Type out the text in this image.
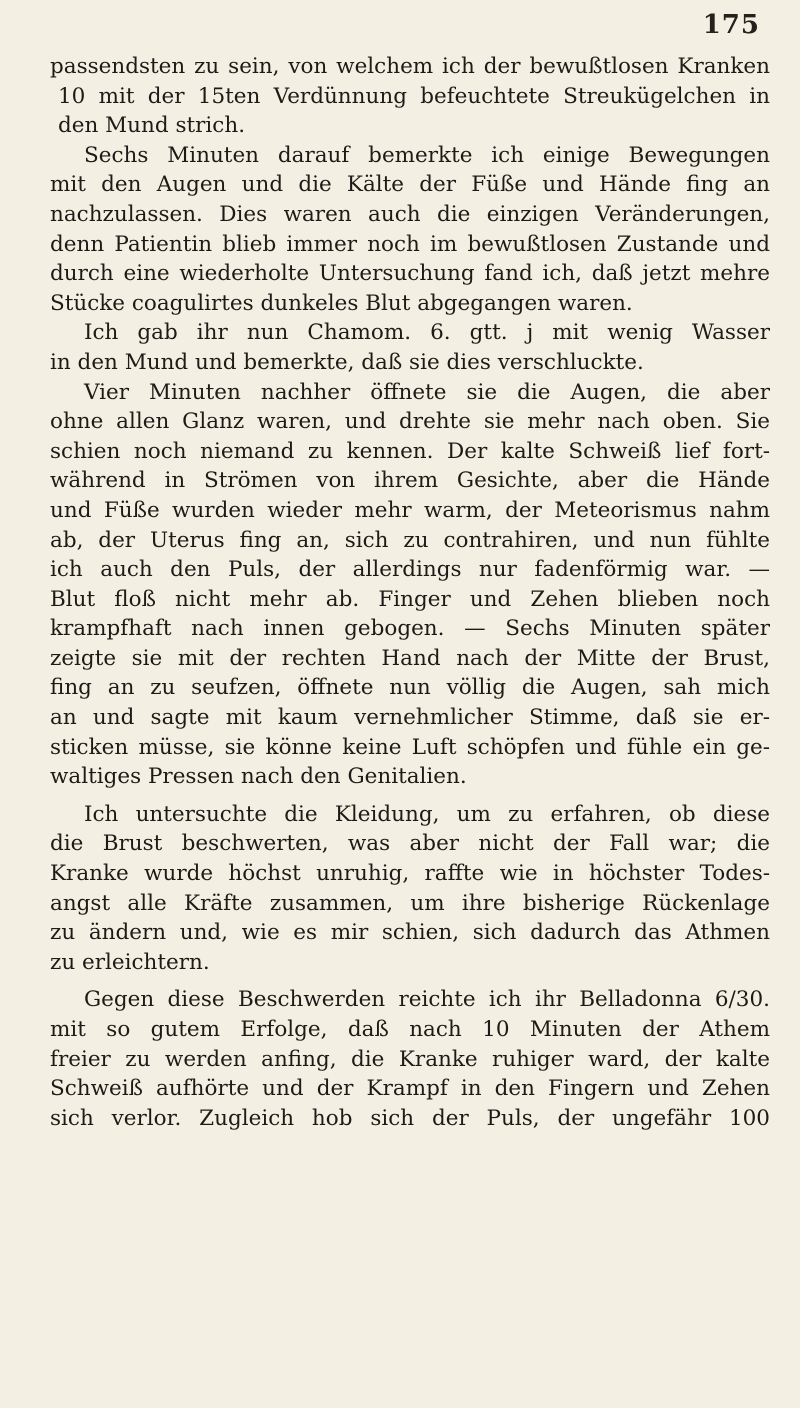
175
passendsten zu sein, von welchem ich der bewußtlosen Kranken
10 mit der 15ten Verdünnung befeuchtete Streukügelchen in
den Mund strich.
Sechs Minuten darauf bemerkte ich einige Bewegungen
mit den Augen und die Kälte der Füße und Hände fing an
nachzulassen. Dies waren auch die einzigen Veränderungen,
denn Patientin blieb immer noch im bewußtlosen Zustande und
durch eine wiederholte Untersuchung fand ich, daß jetzt mehre
Stücke coagulirtes dunkeles Blut abgegangen waren.
Ich gab ihr nun Chamom. 6. gtt. j mit wenig Wasser
in den Mund und bemerkte, daß sie dies verschluckte.
Vier Minuten nachher öffnete sie die Augen, die aber
ohne allen Glanz waren, und drehte sie mehr nach oben. Sie
schien noch niemand zu kennen. Der kalte Schweiß lief fort-
während in Strömen von ihrem Gesichte, aber die Hände
und Füße wurden wieder mehr warm, der Meteorismus nahm
ab, der Uterus fing an, sich zu contrahiren, und nun fühlte
ich auch den Puls, der allerdings nur fadenförmig war. —
Blut floß nicht mehr ab. Finger und Zehen blieben noch
krampfhaft nach innen gebogen. — Sechs Minuten später
zeigte sie mit der rechten Hand nach der Mitte der Brust,
fing an zu seufzen, öffnete nun völlig die Augen, sah mich
an und sagte mit kaum vernehmlicher Stimme, daß sie er-
sticken müsse, sie könne keine Luft schöpfen und fühle ein ge-
waltiges Pressen nach den Genitalien.
Ich untersuchte die Kleidung, um zu erfahren, ob diese
die Brust beschwerten, was aber nicht der Fall war; die
Kranke wurde höchst unruhig, raffte wie in höchster Todes-
angst alle Kräfte zusammen, um ihre bisherige Rückenlage
zu ändern und, wie es mir schien, sich dadurch das Athmen
zu erleichtern.
Gegen diese Beschwerden reichte ich ihr Belladonna 6/30.
mit so gutem Erfolge, daß nach 10 Minuten der Athem
freier zu werden anfing, die Kranke ruhiger ward, der kalte
Schweiß aufhörte und der Krampf in den Fingern und Zehen
sich verlor. Zugleich hob sich der Puls, der ungefähr 100
